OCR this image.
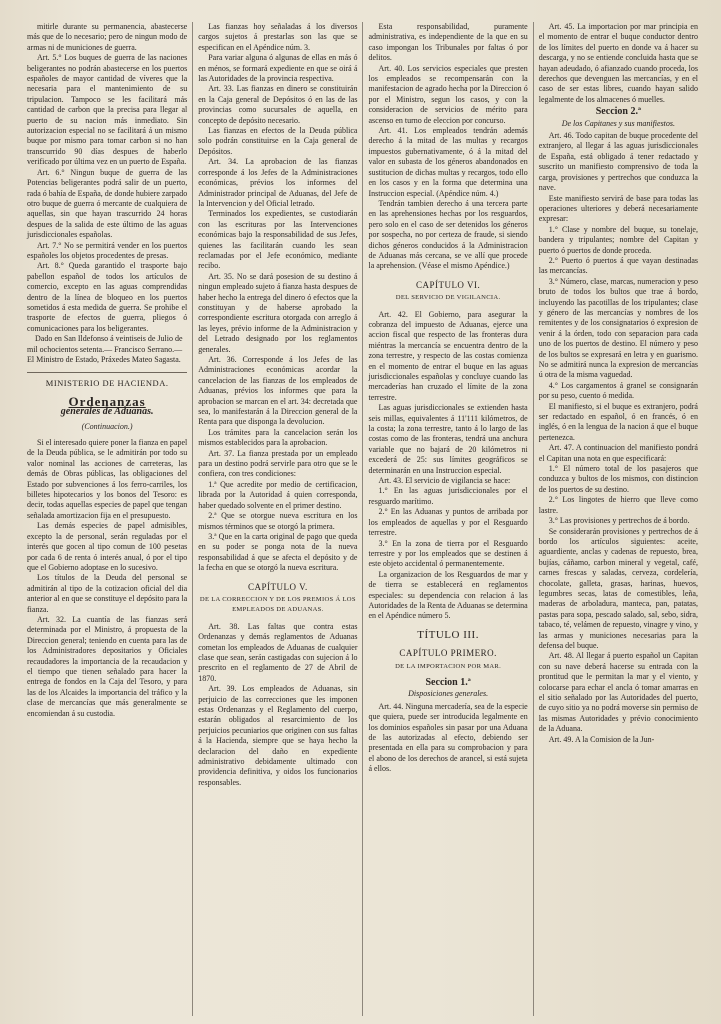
mitirle durante su permanencia, abastecerse más que de lo necesario; pero de ningun modo de armas ni de municiones de guerra.

Art. 5.° Los buques de guerra de las naciones beligerantes no podrán abastecerse en los puertos españoles de mayor cantidad de víveres que la necesaria para el mantenimiento de su tripulacion. Tampoco se les facilitará más cantidad de carbon que la precisa para llegar al puerto de su nacion más inmediato. Sin autorizacion especial no se facilitará á un mismo buque por mismo para tomar carbon si no han transcurrido 90 días despues de haberlo verificado por última vez en un puerto de España.

Art. 6.° Ningun buque de guerra de las Potencias beligerantes podrá salir de un puerto, rada ó bahía de España, de donde hubiere zarpado otro buque de guerra ó mercante de cualquiera de aquellas, sin que hayan trascurrido 24 horas despues de la salida de este último de las aguas jurisdiccionales españolas.

Art. 7.° No se permitirá vender en los puertos españoles los objetos procedentes de presas.

Art. 8.° Queda garantido el trasporte bajo pabellon español de todos los artículos de comercio, excepto en las aguas comprendidas dentro de la línea de bloqueo en los puertos sometidos á esta medida de guerra. Se prohibe el trasporte de efectos de guerra, pliegos ó comunicaciones para los beligerantes.

Dado en San Ildefonso á veintiseis de Julio de mil ochocientos setenta.— Francisco Serrano.—El Ministro de Estado, Práxedes Mateo Sagasta.

MINISTERIO DE HACIENDA.
Ordenanzas
generales de Aduanas.
(Continuacion.)

Si el interesado quiere poner la fianza en papel de la Deuda pública, se le admitirán por todo su valor nominal las acciones de carreteras, las demás de Obras públicas, las obligaciones del Estado por subvenciones á los ferro-carriles, los billetes hipotecarios y los bonos del Tesoro: es decir, todas aquellas especies de papel que tengan señalada amortizacion fija en el presupuesto.

Las demás especies de papel admisibles, excepto la de personal, serán reguladas por el interés que gocen al tipo comun de 100 pesetas por cada 6 de renta ó interés anual, ó por el tipo que el Gobierno adoptase en lo sucesivo.

Los títulos de la Deuda del personal se admitirán al tipo de la cotizacion oficial del dia anterior al en que se constituye el depósito para la fianza.

Art. 32. La cuantía de las fianzas será determinada por el Ministro, á propuesta de la Direccion general; teniendo en cuenta para las de los Administradores depositarios y Oficiales recaudadores la importancia de la recaudacion y el tiempo que tienen señalado para hacer la entrega de fondos en la Caja del Tesoro, y para las de los Alcaides la importancia del tráfico y la clase de mercancías que más generalmente se encomiendan á su custodia.

Las fianzas hoy señaladas á los diversos cargos sujetos á prestarlas son las que se especifican en el Apéndice núm. 3.

Para variar alguna ó algunas de ellas en más ó en ménos, se formará expediente en que se oirá á las Autoridades de la provincia respectiva.

Art. 33. Las fianzas en dinero se constituirán en la Caja general de Depósitos ó en las de las provincias como sucursales de aquella, en concepto de depósito necesario.

Las fianzas en efectos de la Deuda pública solo podrán constituirse en la Caja general de Depósitos.

Art. 34. La aprobacion de las fianzas corresponde á los Jefes de la Administraciones económicas, prévios los informes del Administrador principal de Aduanas, del Jefe de la Intervencion y del Oficial letrado.

Terminados los expedientes, se custodiarán con las escrituras por las Intervenciones económicas bajo la responsabilidad de sus Jefes, quienes las facilitarán cuando les sean reclamadas por el Jefe económico, mediante recibo.

Art. 35. No se dará posesion de su destino á ningun empleado sujeto á fianza hasta despues de haber hecho la entrega del dinero ó efectos que la constituyan y de haberse aprobado la correspondiente escritura otorgada con arreglo á las leyes, prévio informe de la Administracion y del Letrado designado por los reglamentos generales.

Art. 36. Corresponde á los Jefes de las Administraciones económicas acordar la cancelacion de las fianzas de los empleados de Aduanas, prévios los informes que para la aprobacion se marcan en el art. 34: decretada que sea, lo manifestarán á la Direccion general de la Renta para que disponga la devolucion.

Los trámites para la cancelacion serán los mismos establecidos para la aprobacion.

Art. 37. La fianza prestada por un empleado para un destino podrá servirle para otro que se le confiera, con tres condiciones:

1.ª Que acredite por medio de certificacion, librada por la Autoridad á quien corresponda, haber quedado solvente en el primer destino.

2.ª Que se otorgue nueva escritura en los mismos términos que se otorgó la primera.

3.ª Que en la carta original de pago que queda en su poder se ponga nota de la nueva responsabilidad á que se afecta el depósito y de la fecha en que se otorgó la nueva escritura.

CAPÍTULO V.
DE LA CORRECCION Y DE LOS PREMIOS Á LOS EMPLEADOS DE ADUANAS.

Art. 38. Las faltas que contra estas Ordenanzas y demás reglamentos de Aduanas cometan los empleados de Aduanas de cualquier clase que sean, serán castigadas con sujecion á lo prescrito en el reglamento de 27 de Abril de 1870.

Art. 39. Los empleados de Aduanas, sin perjuicio de las correcciones que les imponen estas Ordenanzas y el Reglamento del cuerpo, estarán obligados al resarcimiento de los perjuicios pecuniarios que originen con sus faltas á la Hacienda, siempre que se haya hecho la declaracion del daño en expediente administrativo debidamente ultimado con providencia definitiva, y oidos los funcionarios responsables.

Esta responsabilidad, puramente administrativa, es independiente de la que en su caso impongan los Tribunales por faltas ó por delitos.

Art. 40. Los servicios especiales que presten los empleados se recompensarán con la manifestacion de agrado hecha por la Direccion ó por el Ministro, segun los casos, y con la consideracion de servicios de mérito para ascenso en turno de eleccion por concurso.

Art. 41. Los empleados tendrán además derecho á la mitad de las multas y recargos impuestos gubernativamente, ó á la mitad del valor en subasta de los géneros abandonados en sustitucion de dichas multas y recargos, todo ello en los casos y en la forma que determina una Instruccion especial. (Apéndice núm. 4.)

Tendrán tambien derecho á una tercera parte en las aprehensiones hechas por los resguardos, pero solo en el caso de ser detenidos los géneros por sospecha, no por certeza de fraude, si siendo dichos géneros conducidos á la Administracion de Aduanas más cercana, se ve allí que procede la aprehension. (Véase el mismo Apéndice.)

CAPÍTULO VI.
DEL SERVICIO DE VIGILANCIA.

Art. 42. El Gobierno, para asegurar la cobranza del impuesto de Aduanas, ejerce una accion fiscal que respecto de las fronteras dura miéntras la mercancía se encuentra dentro de la zona terrestre, y respecto de las costas comienza en el momento de entrar el buque en las aguas jurisdiccionales españolas y concluye cuando las mercaderías han cruzado el límite de la zona terrestre.

Las aguas jurisdiccionales se extienden hasta seis millas, equivalentes á 11'111 kilómetros, de la costa; la zona terrestre, tanto á lo largo de las costas como de las fronteras, tendrá una anchura variable que no bajará de 20 kilómetros ni excederá de 25: sus límites geográficos se determinarán en una Instruccion especial.

Art. 43. El servicio de vigilancia se hace:

1.° En las aguas jurisdiccionales por el resguardo marítimo.

2.° En las Aduanas y puntos de arribada por los empleados de aquellas y por el Resguardo terrestre.

3.° En la zona de tierra por el Resguardo terrestre y por los empleados que se destinen á este objeto accidental ó permanentemente.

La organizacion de los Resguardos de mar y de tierra se establecerá en reglamentos especiales: su dependencia con relacion á las Autoridades de la Renta de Aduanas se determina en el Apéndice número 5.

TÍTULO III.
CAPÍTULO PRIMERO.
DE LA IMPORTACION POR MAR.
Seccion 1.ª
Disposiciones generales.

Art. 44. Ninguna mercadería, sea de la especie que quiera, puede ser introducida legalmente en los dominios españoles sin pasar por una Aduana de las autorizadas al efecto, debiendo ser presentada en ella para su comprobacion y para el abono de los derechos de arancel, si está sujeta á ellos.

Art. 45. La importacion por mar principia en el momento de entrar el buque conductor dentro de los límites del puerto en donde va á hacer su descarga, y no se entiende concluida hasta que se hayan adeudado, ó afianzado cuando proceda, los derechos que devenguen las mercancías, y en el caso de ser estas libres, cuando hayan salido legalmente de los almacenes ó muelles.

Seccion 2.ª
De los Capitanes y sus manifiestos.

Art. 46. Todo capitan de buque procedente del extranjero, al llegar á las aguas jurisdiccionales de España, está obligado á tener redactado y suscrito un manifiesto comprensivo de toda la carga, provisiones y pertrechos que conduzca la nave.

Este manifiesto servirá de base para todas las operaciones ulteriores y deberá necesariamente expresar:

1.° Clase y nombre del buque, su tonelaje, bandera y tripulantes; nombre del Capitan y puerto ó puertos de donde proceda.

2.° Puerto ó puertos á que vayan destinadas las mercancías.

3.° Número, clase, marcas, numeracion y peso bruto de todos los bultos que trae á bordo, incluyendo las pacotillas de los tripulantes; clase y género de las mercancías y nombres de los remitentes y de los consignatarios ó expresion de venir á la órden, todo con separacion para cada uno de los puertos de destino. El número y peso de los bultos se expresará en letra y en guarismo. No se admitirá nunca la expresion de mercancías ú otra de la misma vaguedad.

4.° Los cargamentos á granel se consignarán por su peso, cuento ó medida.

El manifiesto, si el buque es extranjero, podrá ser redactado en español, ó en francés, ó en inglés, ó en la lengua de la nacion á que el buque pertenezca.

Art. 47. A continuacion del manifiesto pondrá el Capitan una nota en que especificará:

1.° El número total de los pasajeros que conduzca y bultos de los mismos, con distincion de los puertos de su destino.

2.° Los lingotes de hierro que lleve como lastre.

3.° Las provisiones y pertrechos de á bordo.

Se considerarán provisiones y pertrechos de á bordo los artículos siguientes: aceite, aguardiente, anclas y cadenas de repuesto, brea, bujías, cáñamo, carbon mineral y vegetal, café, carnes frescas y saladas, cerveza, cordelería, chocolate, galleta, grasas, harinas, huevos, legumbres secas, latas de comestibles, leña, maderas de arboladura, manteca, pan, patatas, pastas para sopa, pescado salado, sal, sebo, sidra, tabaco, té, velámen de repuesto, vinagre y vino, y las armas y municiones necesarias para la defensa del buque.

Art. 48. Al llegar á puerto español un Capitan con su nave deberá hacerse su entrada con la prontitud que le permitan la mar y el viento, y colocarse para echar el ancla ó tomar amarras en el sitio señalado por las Autoridades del puerto, de cuyo sitio ya no podrá moverse sin permiso de las mismas Autoridades y prévio conocimiento de la Aduana.

Art. 49. A la Comision de la Jun-
